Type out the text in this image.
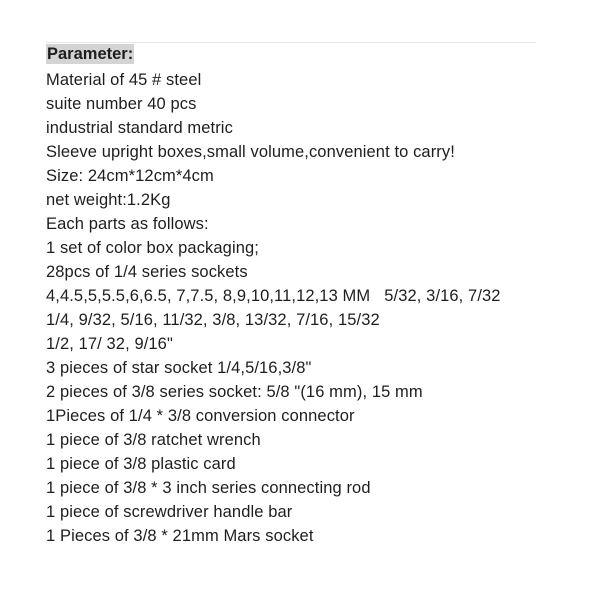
Parameter:
Material of 45 # steel
suite number 40 pcs
industrial standard metric
Sleeve upright boxes,small volume,convenient to carry!
Size: 24cm*12cm*4cm
net weight:1.2Kg
Each parts as follows:
1 set of color box packaging;
28pcs of 1/4 series sockets
4,4.5,5,5.5,6,6.5, 7,7.5, 8,9,10,11,12,13 MM   5/32, 3/16, 7/32
1/4, 9/32, 5/16, 11/32, 3/8, 13/32, 7/16, 15/32
1/2, 17/ 32, 9/16"
3 pieces of star socket 1/4,5/16,3/8"
2 pieces of 3/8 series socket: 5/8 "(16 mm), 15 mm
1Pieces of 1/4 * 3/8 conversion connector
1 piece of 3/8 ratchet wrench
1 piece of 3/8 plastic card
1 piece of 3/8 * 3 inch series connecting rod
1 piece of screwdriver handle bar
1 Pieces of 3/8 * 21mm Mars socket
